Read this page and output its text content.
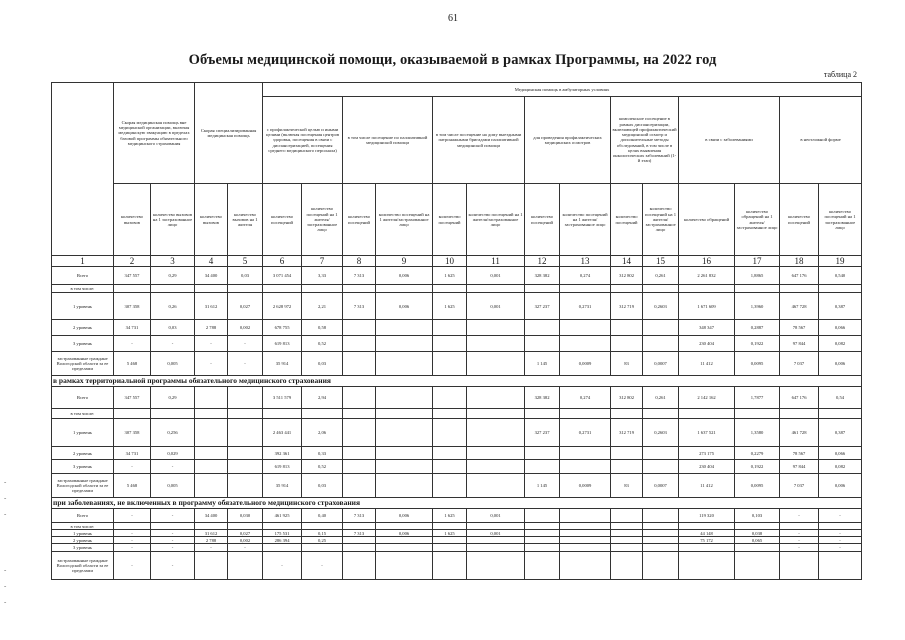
61
Объемы медицинской помощи, оказываемой в рамках Программы, на 2022 год
таблица 2
-
-
-
-
-
-
	Скорая медицинская помощь вне медицинской организации, включая медицинскую эвакуацию в пределах базовой программы обязательного медицинского страхования		Скорая специализированная медицинская помощь		Медицинская помощь в амбулаторных условиях													
					с профилактической целью и иными целями (включая посещения центров здоровья, посещения в связи с диспансеризацией, посещения среднего медицинского персонала)		в том числе посещение по паллиативной медицинской помощи		в том числе посещение на дому выездными патронажными бригадами паллиативной медицинской помощи		для проведения профилактических медицинских осмотров		комплексное посещение в рамках диспансеризации, включающей профилактический медицинский осмотр и дополнительные методы обследований, в том числе в целях выявления онкологических заболеваний (1-й этап)		в связи с заболеваниями		в неотложной форме	
	количество вызовов	количество вызовов на 1 застрахованное лицо	количество вызовов	количество вызовов на 1 жителя	количество посещений	количество посещений на 1 жителя/застрахованное лицо	количество посещений	количество посещений на 1 жителя/застрахованное лицо	количество посещений	количество посещений на 1 жителя/застрахованное лицо	количество посещений	количество посещений на 1 жителя/застрахованное лицо	количество посещений	количество посещений на 1 жителя/застрахованное лицо	количество обращений	количество обращений на 1 жителя/застрахованное лицо	количество посещений	количество посещений на 1 застрахованное лицо
1	2	3	4	5	6	7	8	9	10	11	12	13	14	15	16	17	18	19
Всего	347 557	0,29	34 400	0,03	3 071 454	3,33	7 313	0,006	1 625	0,001	328 382	0,274	312 802	0,261	2 261 832	1,8865	647 176	0,540
в том числе:																		
1 уровень	307 358	0,26	31 612	0,027	2 628 972	2,21	7 313	0,006	1 625	0,001	327 237	0,2731	312 719	0,2603	1 671 609	1,3960	467 728	0,387
2 уровень	34 731	0,03	2 788	0,002	678 755	0,58									348 347	0,2887	78 567	0,066
3 уровень	-	-	-	-	619 813	0,52									230 404	0,1922	97 844	0,082
застрахованные граждане Вологодской области за ее пределами	5 468	0,005	-	-	35 914	0,03					1 145	0,0009	83	0,0007	11 412	0,0095	7 037	0,006
в рамках территориальной программы обязательного медицинского страхования																		
Всего	347 557	0,29			3 511 579	2,94					328 382	0,274	312 802	0,261	2 142 162	1,7877	647 176	0,54
в том числе:																		
1 уровень	307 358	0,256			2 463 441	2,06					327 237	0,2731	312 719	0,2603	1 637 521	1,3580	461 728	0,387
2 уровень	34 731	0,029			392 361	0,33									273 175	0,2279	78 567	0,066
3 уровень	-	-			619 813	0,52									230 404	0,1922	97 844	0,082
застрахованные граждане Вологодской области за ее пределами	5 468	0,005			35 914	0,03					1 145	0,0009	83	0,0007	11 412	0,0095	7 037	0,006
при заболеваниях, не включенных в программу обязательного медицинского страхования																		
Всего	-	-	34 400	0,030	461 925	0,40	7 313	0,006	1 625	0,001					119 320	0,103	-	-
в том числе:																		
1 уровень	-	-	31 612	0,027	175 531	0,15	7 313	0,006	1 625	0,001					44 148	0,038	-	-
2 уровень	-	-	2 788	0,002	286 394	0,25									75 172	0,065	-	-
3 уровень	-	-	-	-													-	-
застрахованные граждане Вологодской области за ее пределами	-	-			-	-												
